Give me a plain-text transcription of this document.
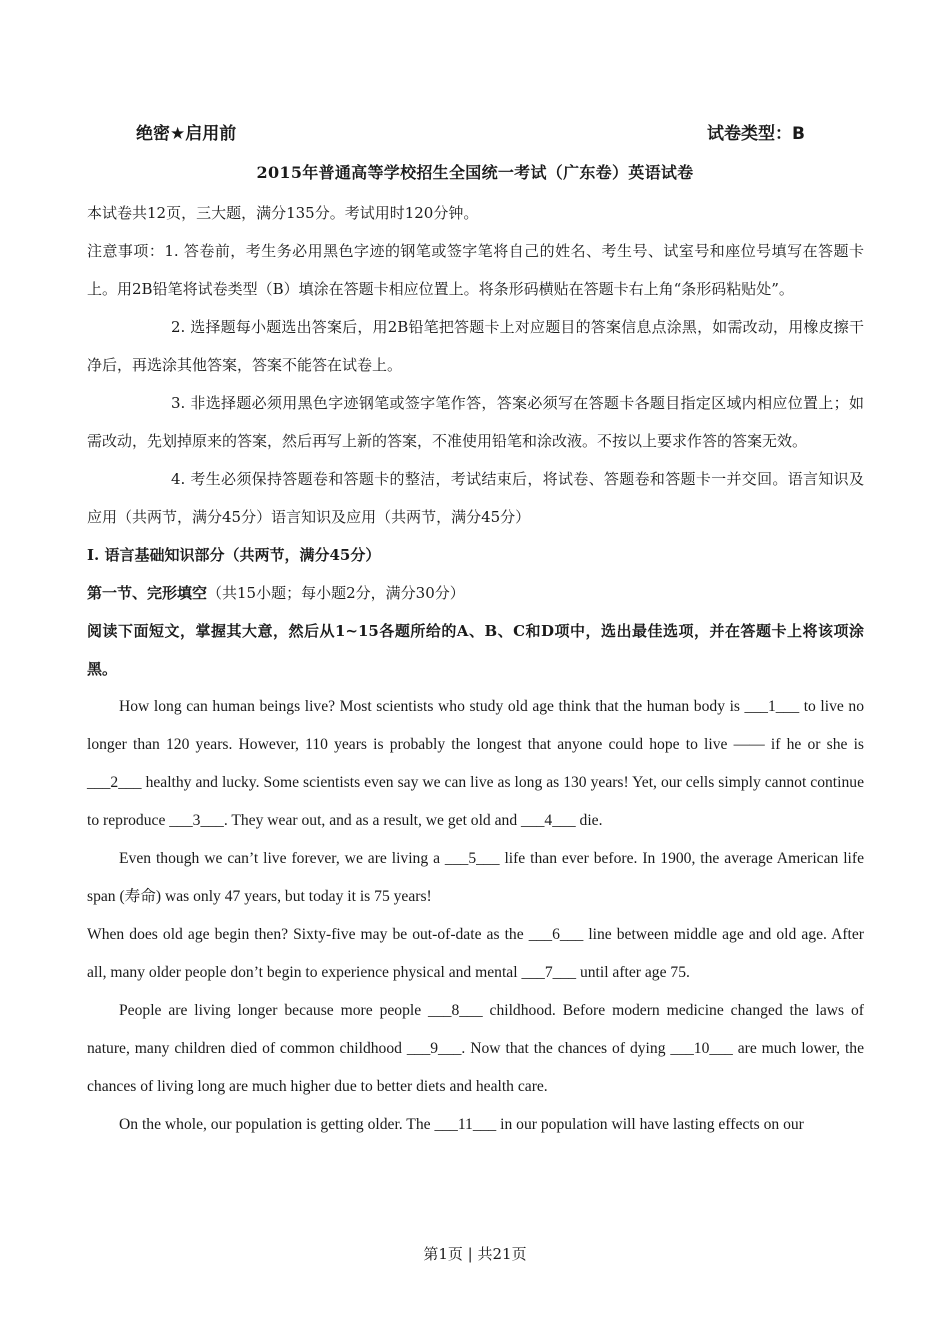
绝密★启用前	试卷类型：B
2015年普通高等学校招生全国统一考试（广东卷）英语试卷

本试卷共12页，三大题，满分135分。考试用时120分钟。

注意事项：1. 答卷前，考生务必用黑色字迹的钢笔或签字笔将自己的姓名、考生号、试室号和座位号填写在答题卡上。用2B铅笔将试卷类型（B）填涂在答题卡相应位置上。将条形码横贴在答题卡右上角“条形码粘贴处”。

2. 选择题每小题选出答案后，用2B铅笔把答题卡上对应题目的答案信息点涂黑，如需改动，用橡皮擦干净后，再选涂其他答案，答案不能答在试卷上。

3. 非选择题必须用黑色字迹钢笔或签字笔作答，答案必须写在答题卡各题目指定区域内相应位置上；如需改动，先划掉原来的答案，然后再写上新的答案，不准使用铅笔和涂改液。不按以上要求作答的答案无效。

4. 考生必须保持答题卷和答题卡的整洁，考试结束后，将试卷、答题卷和答题卡一并交回。语言知识及应用（共两节，满分45分）语言知识及应用（共两节，满分45分）

Ⅰ. 语言基础知识部分（共两节，满分45分）

第一节、完形填空（共15小题；每小题2分，满分30分）

阅读下面短文，掌握其大意，然后从1~15各题所给的A、B、C和D项中，选出最佳选项，并在答题卡上将该项涂黑。

How long can human beings live? Most scientists who study old age think that the human body is ___1___ to live no longer than 120 years. However, 110 years is probably the longest that anyone could hope to live —— if he or she is ___2___ healthy and lucky. Some scientists even say we can live as long as 130 years! Yet, our cells simply cannot continue to reproduce ___3___. They wear out, and as a result, we get old and ___4___ die.

Even though we can’t live forever, we are living a ___5___ life than ever before. In 1900, the average American life span (寿命) was only 47 years, but today it is 75 years!

When does old age begin then? Sixty-five may be out-of-date as the ___6___ line between middle age and old age. After all, many older people don’t begin to experience physical and mental ___7___ until after age 75.

People are living longer because more people ___8___ childhood. Before modern medicine changed the laws of nature, many children died of common childhood ___9___. Now that the chances of dying ___10___ are much lower, the chances of living long are much higher due to better diets and health care.

On the whole, our population is getting older. The ___11___ in our population will have lasting effects on our

第1页 | 共21页
